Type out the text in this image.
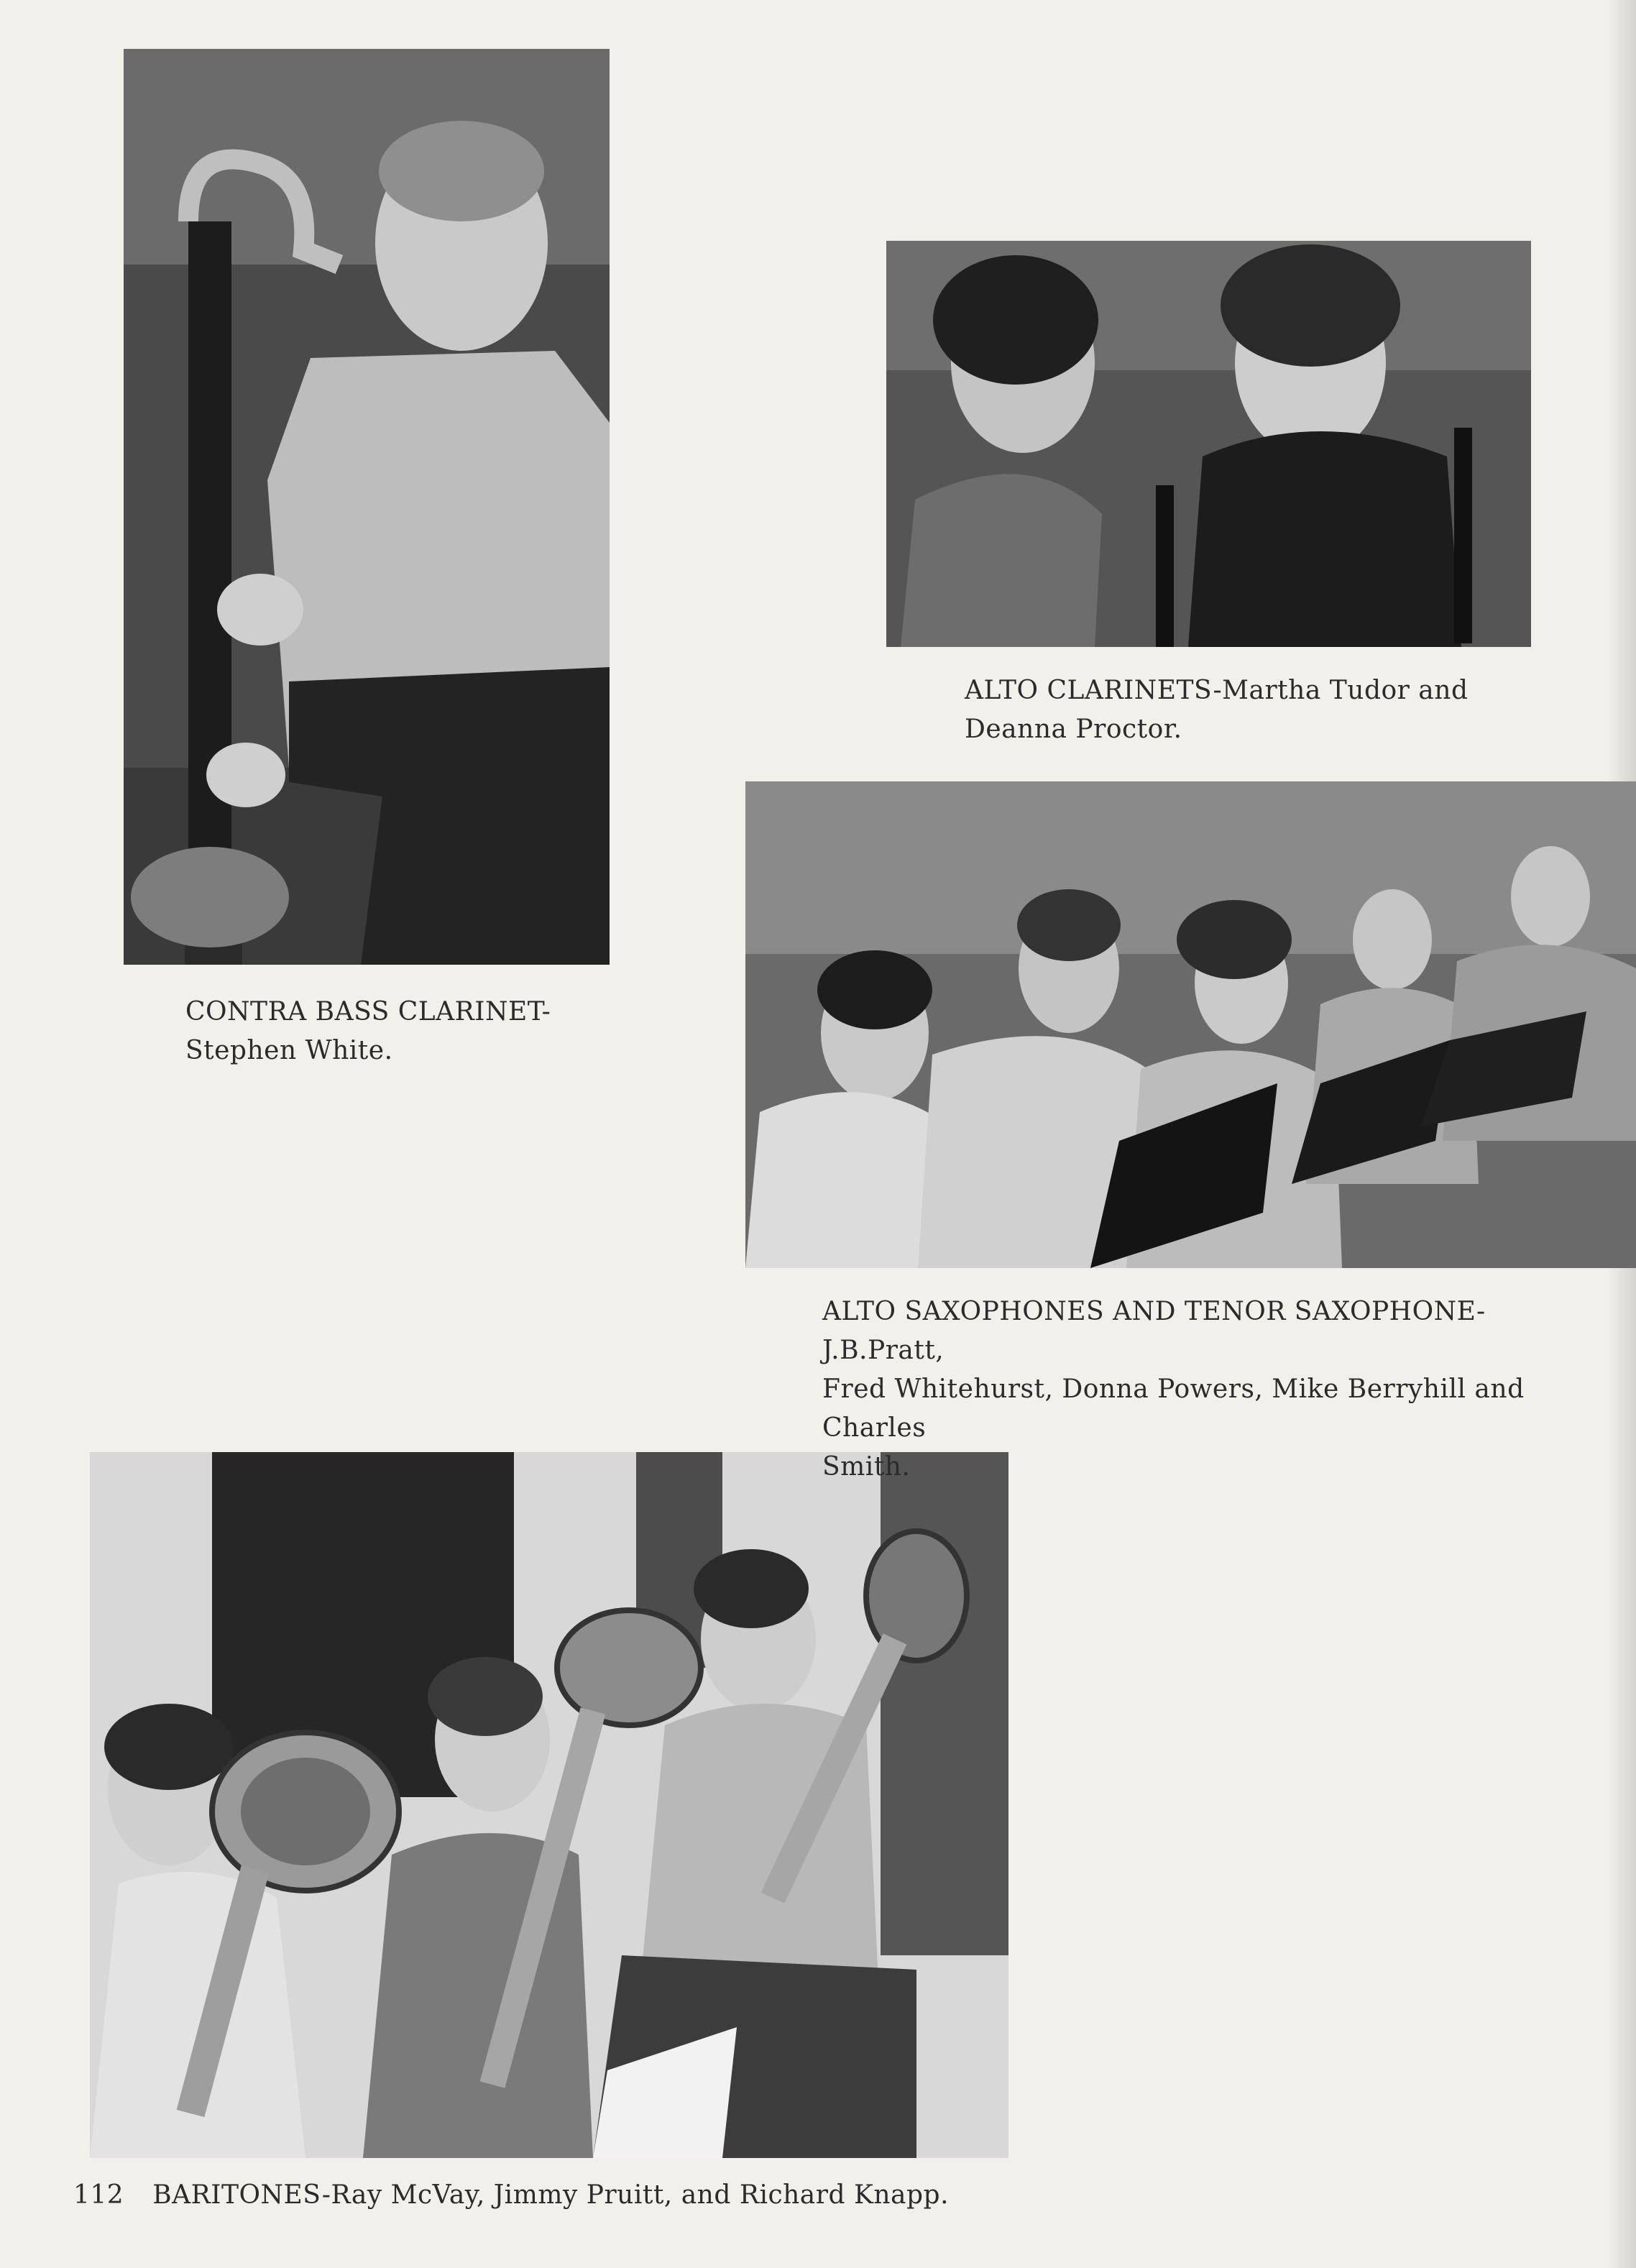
CONTRA BASS CLARINET-

Stephen White.

ALTO CLARINETS-Martha Tudor and

Deanna Proctor.

ALTO SAXOPHONES AND TENOR SAXOPHONE-J.B.Pratt,

Fred Whitehurst, Donna Powers, Mike Berryhill and Charles

Smith.

112 BARITONES-Ray McVay, Jimmy Pruitt, and Richard Knapp.
